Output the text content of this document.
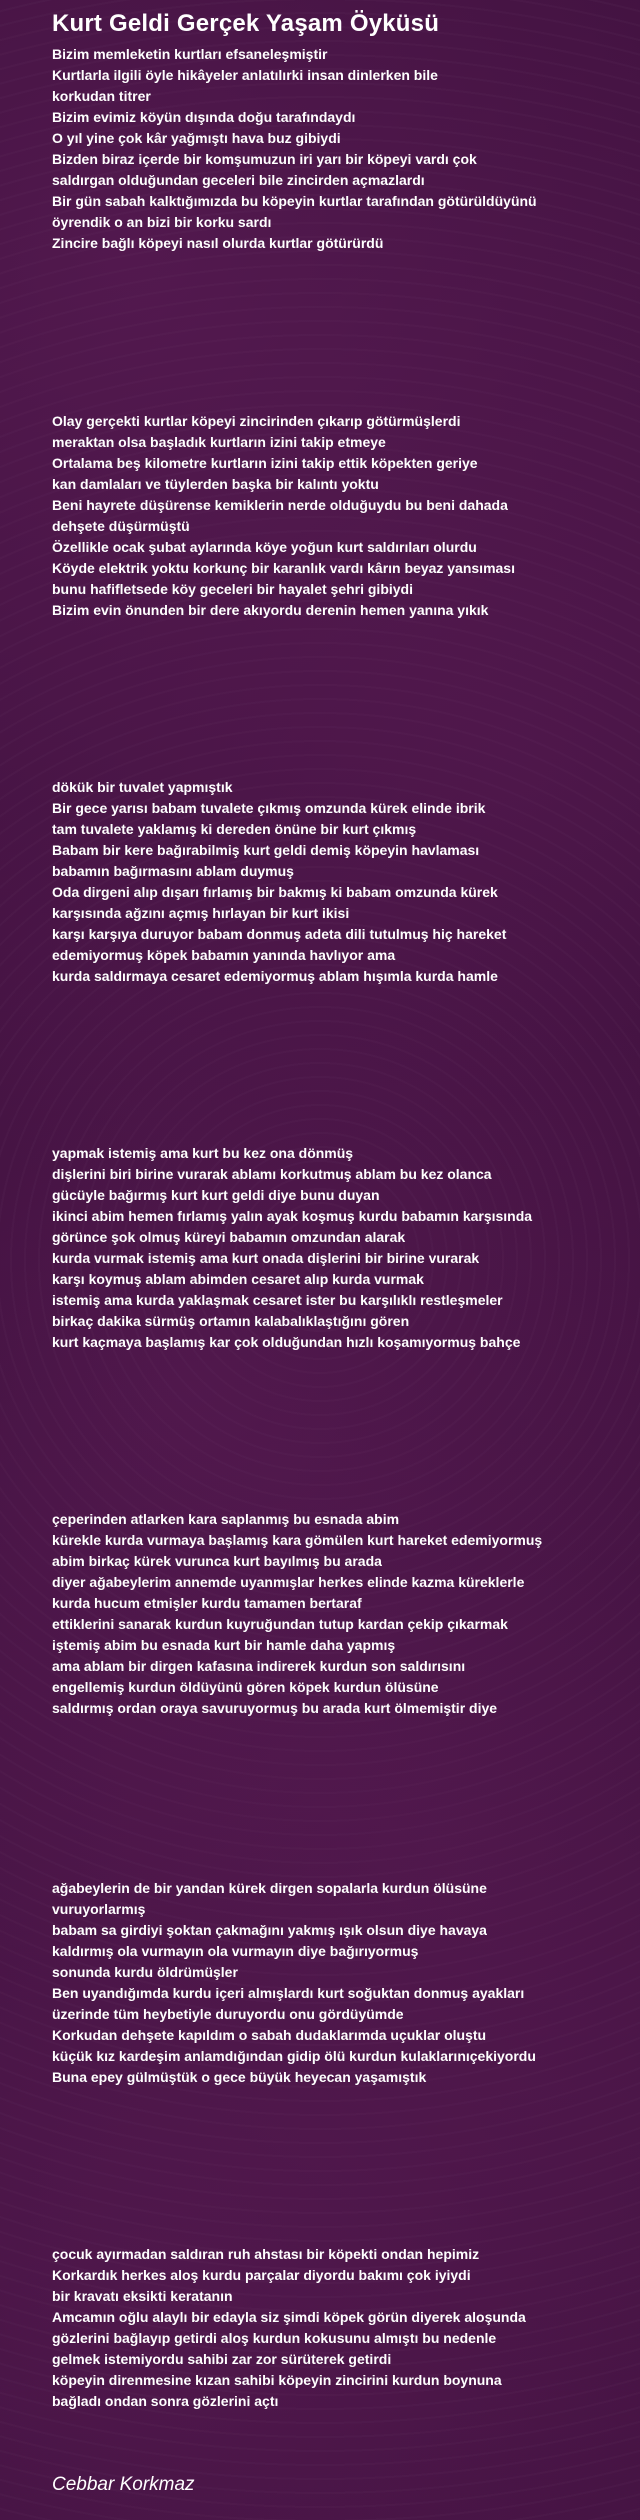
Kurt Geldi Gerçek Yaşam Öyküsü
Bizim memleketin kurtları efsaneleşmiştir
Kurtlarla ilgili öyle hikâyeler anlatılırki insan dinlerken bile
korkudan titrer
Bizim evimiz köyün dışında doğu tarafındaydı
O yıl yine çok kâr yağmıştı hava buz gibiydi
Bizden biraz içerde bir komşumuzun iri yarı bir köpeyi vardı çok
saldırgan olduğundan geceleri bile zincirden açmazlardı
Bir gün sabah kalktığımızda bu köpeyin kurtlar tarafından götürüldüyünü
öyrendik o an bizi bir korku sardı
Zincire bağlı köpeyi nasıl olurda kurtlar götürürdü
Olay gerçekti kurtlar köpeyi zincirinden çıkarıp götürmüşlerdi
meraktan olsa başladık kurtların izini takip etmeye
Ortalama beş kilometre kurtların izini takip ettik köpekten geriye
kan damlaları ve tüylerden başka bir kalıntı yoktu
Beni hayrete düşürense kemiklerin nerde olduğuydu bu beni dahada
dehşete düşürmüştü
Özellikle ocak şubat aylarında köye yoğun kurt saldırıları olurdu
Köyde elektrik yoktu korkunç bir karanlık vardı kârın beyaz yansıması
bunu hafifletsede köy geceleri bir hayalet şehri gibiydi
Bizim evin önunden bir dere akıyordu derenin hemen yanına yıkık
dökük bir tuvalet yapmıştık
Bir gece yarısı babam tuvalete çıkmış omzunda kürek elinde ibrik
tam tuvalete yaklamış ki dereden önüne bir kurt çıkmış
Babam bir kere bağırabilmiş kurt geldi demiş köpeyin havlaması
babamın bağırmasını ablam duymuş
Oda dirgeni alıp dışarı fırlamış bir bakmış ki babam omzunda kürek
karşısında ağzını açmış hırlayan bir kurt ikisi
karşı karşıya duruyor babam donmuş adeta dili tutulmuş hiç hareket
edemiyormuş köpek babamın yanında havlıyor ama
kurda saldırmaya cesaret edemiyormuş ablam hışımla kurda hamle
yapmak istemiş ama kurt bu kez ona dönmüş
dişlerini biri birine vurarak ablamı korkutmuş ablam bu kez olanca
gücüyle bağırmış kurt kurt geldi diye bunu duyan
ikinci abim hemen fırlamış yalın ayak koşmuş kurdu babamın karşısında
görünce şok olmuş küreyi babamın omzundan alarak
kurda vurmak istemiş ama kurt onada dişlerini bir birine vurarak
karşı koymuş ablam abimden cesaret alıp kurda vurmak
istemiş ama kurda yaklaşmak cesaret ister bu karşılıklı restleşmeler
birkaç dakika sürmüş ortamın kalabalıklaştığını gören
kurt kaçmaya başlamış kar çok olduğundan hızlı koşamıyormuş bahçe
çeperinden atlarken kara saplanmış bu esnada abim
kürekle kurda vurmaya başlamış kara gömülen kurt hareket edemiyormuş
abim birkaç kürek vurunca kurt bayılmış bu arada
diyer ağabeylerim annemde uyanmışlar herkes elinde kazma küreklerle
kurda hucum etmişler kurdu tamamen bertaraf
ettiklerini sanarak kurdun kuyruğundan tutup kardan çekip çıkarmak
iştemiş abim bu esnada kurt bir hamle daha yapmış
ama ablam bir dirgen kafasına indirerek kurdun son saldırısını
engellemiş kurdun öldüyünü gören köpek kurdun ölüsüne
saldırmış ordan oraya savuruyormuş bu arada kurt ölmemiştir diye
ağabeylerin de bir yandan kürek dirgen sopalarla kurdun ölüsüne
vuruyorlarmış
babam sa girdiyi şoktan çakmağını yakmış ışık olsun diye havaya
kaldırmış ola vurmayın ola vurmayın diye bağırıyormuş
sonunda kurdu öldrümüşler
Ben uyandığımda kurdu içeri almışlardı kurt soğuktan donmuş ayakları
üzerinde tüm heybetiyle duruyordu onu gördüyümde
Korkudan dehşete kapıldım o sabah dudaklarımda uçuklar oluştu
küçük kız kardeşim anlamdığından gidip ölü kurdun kulaklarınıçekiyordu
Buna epey gülmüştük o gece büyük heyecan yaşamıştık
çocuk ayırmadan saldıran ruh ahstası bir köpekti ondan hepimiz
Korkardık herkes aloş kurdu parçalar diyordu bakımı çok iyiydi
bir kravatı eksikti keratanın
Amcamın oğlu alaylı bir edayla siz şimdi köpek görün diyerek aloşunda
gözlerini bağlayıp getirdi aloş kurdun kokusunu almıştı bu nedenle
gelmek istemiyordu sahibi zar zor sürüterek getirdi
köpeyin direnmesine kızan sahibi köpeyin zincirini kurdun boynuna
bağladı ondan sonra gözlerini açtı
Cebbar Korkmaz
